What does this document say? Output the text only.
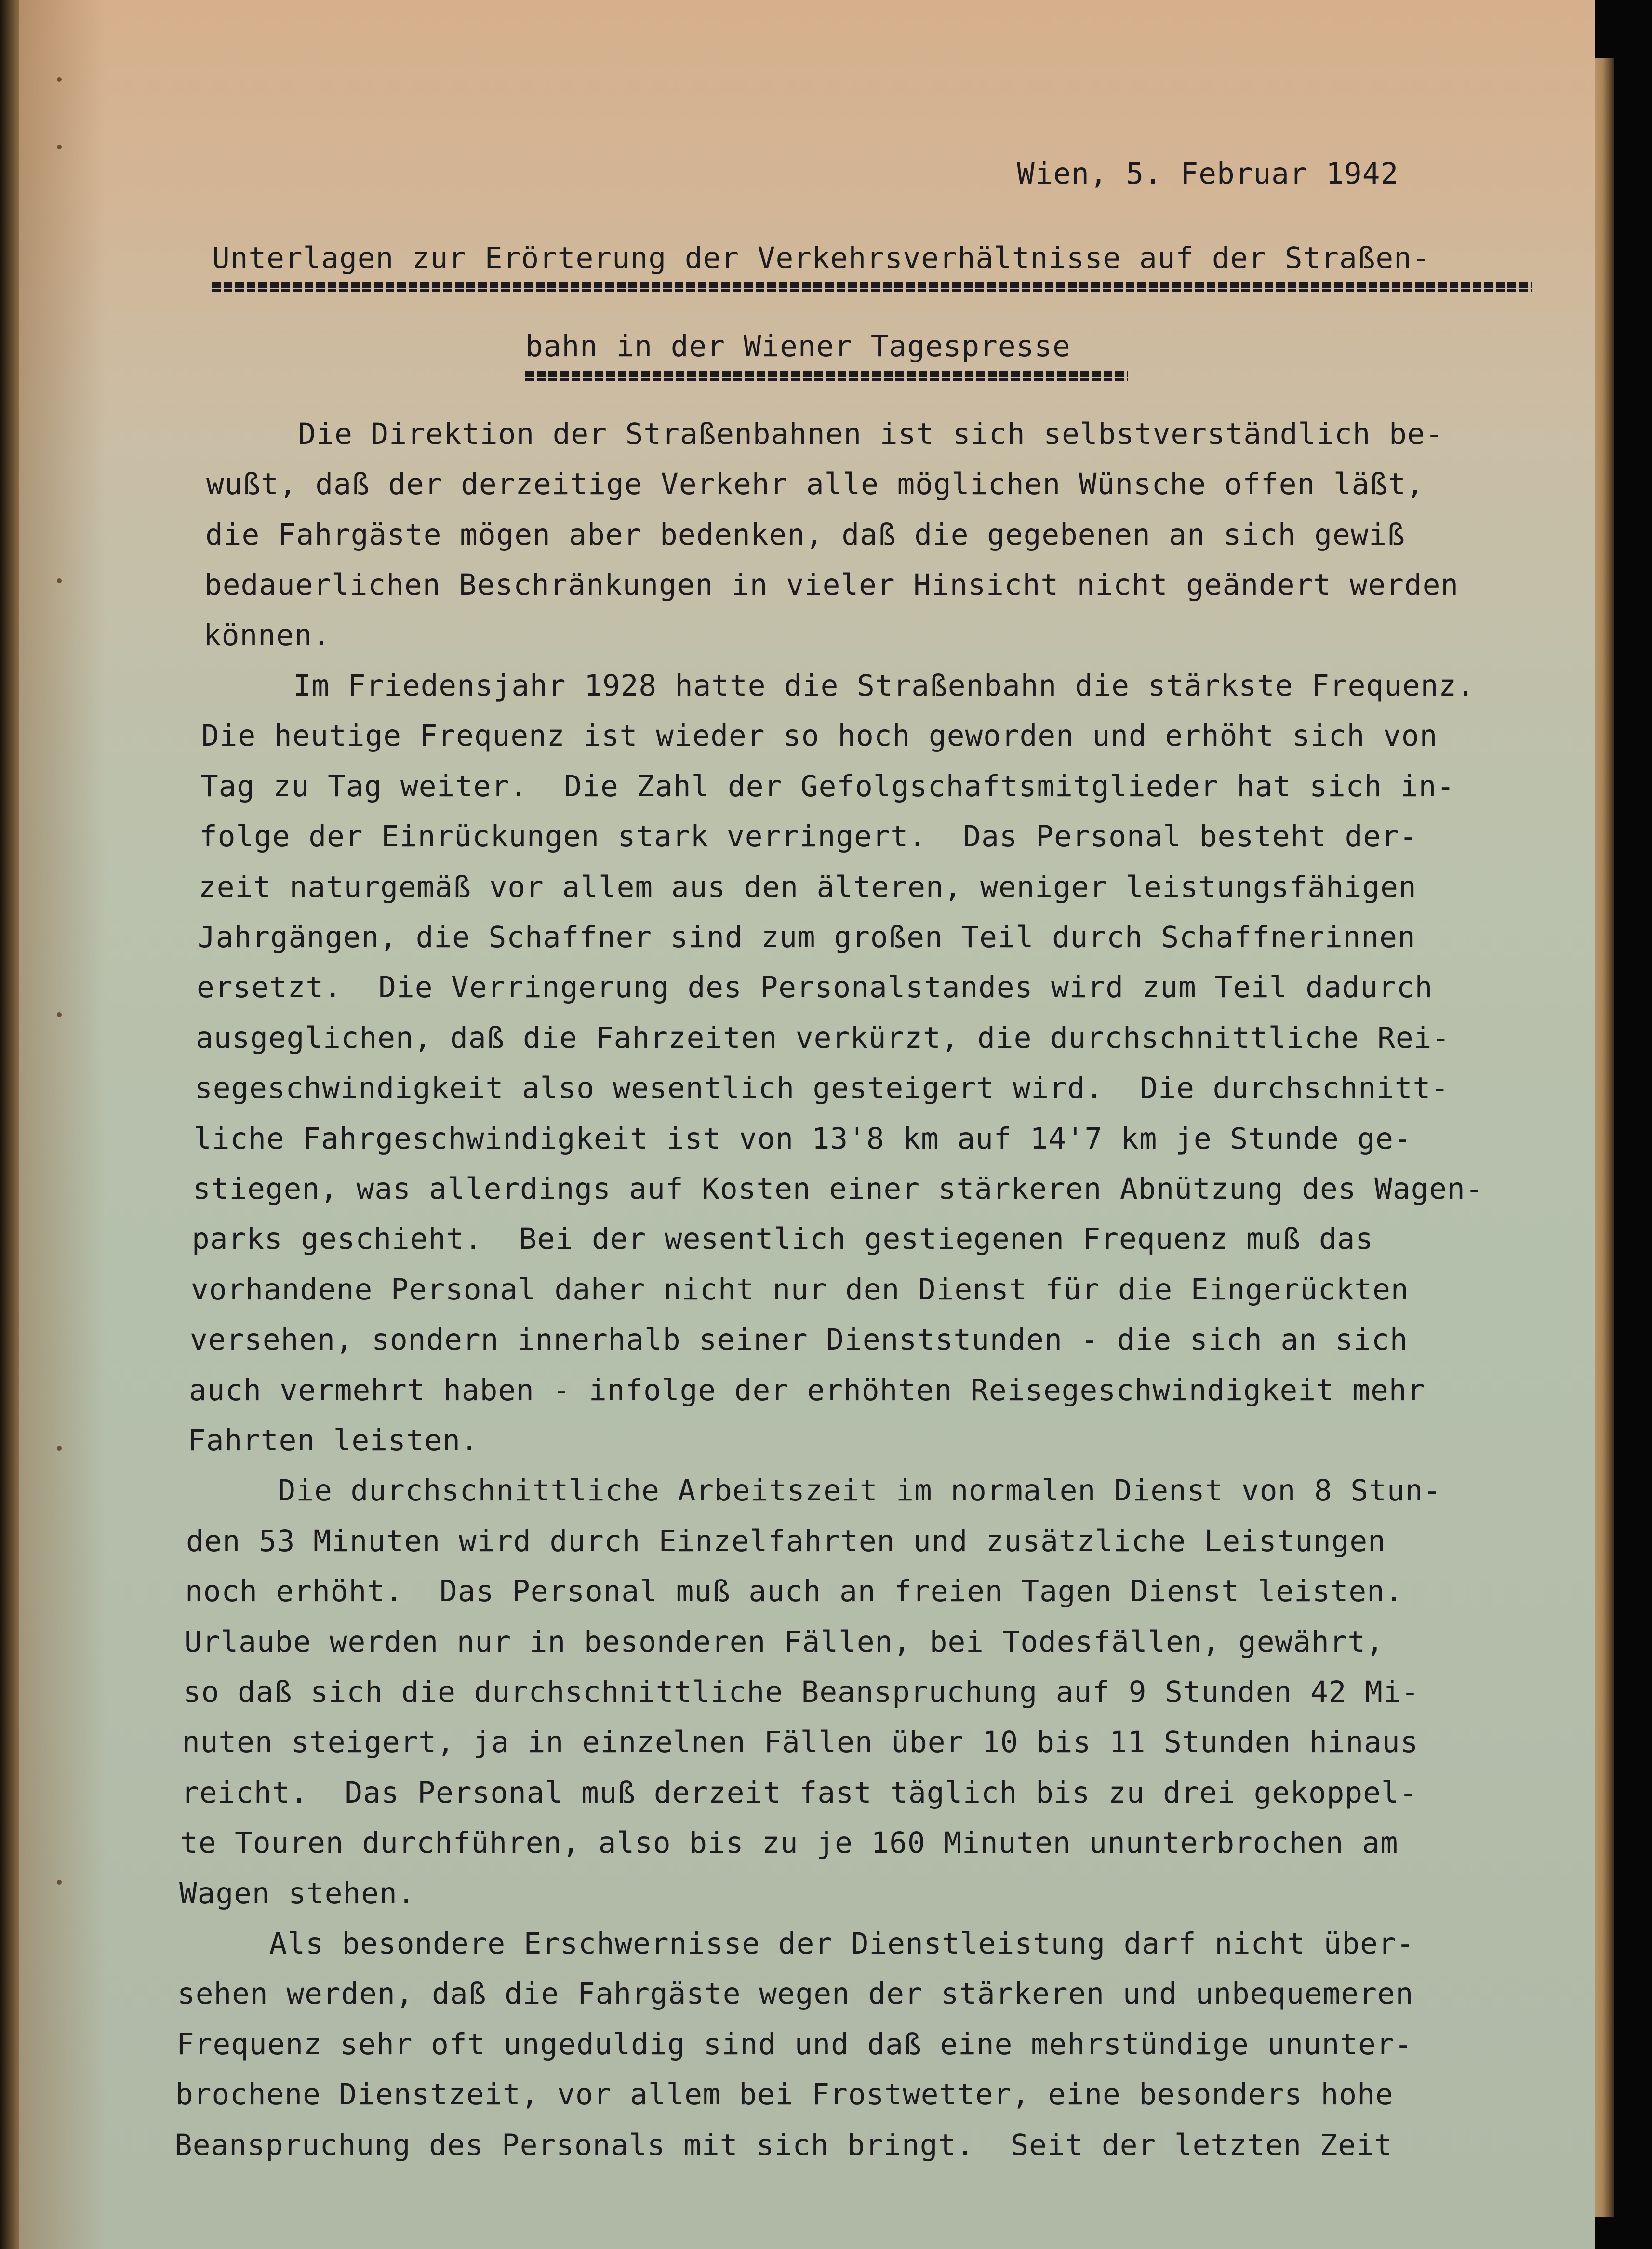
Wien, 5. Februar 1942
Unterlagen zur Erörterung der Verkehrsverhältnisse auf der Straßen-
bahn in der Wiener Tagespresse
Die Direktion der Straßenbahnen ist sich selbstverständlich be-
wußt, daß der derzeitige Verkehr alle möglichen Wünsche offen läßt,
die Fahrgäste mögen aber bedenken, daß die gegebenen an sich gewiß
bedauerlichen Beschränkungen in vieler Hinsicht nicht geändert werden
können.
Im Friedensjahr 1928 hatte die Straßenbahn die stärkste Frequenz.
Die heutige Frequenz ist wieder so hoch geworden und erhöht sich von
Tag zu Tag weiter.  Die Zahl der Gefolgschaftsmitglieder hat sich in-
folge der Einrückungen stark verringert.  Das Personal besteht der-
zeit naturgemäß vor allem aus den älteren, weniger leistungsfähigen
Jahrgängen, die Schaffner sind zum großen Teil durch Schaffnerinnen
ersetzt.  Die Verringerung des Personalstandes wird zum Teil dadurch
ausgeglichen, daß die Fahrzeiten verkürzt, die durchschnittliche Rei-
segeschwindigkeit also wesentlich gesteigert wird.  Die durchschnitt-
liche Fahrgeschwindigkeit ist von 13'8 km auf 14'7 km je Stunde ge-
stiegen, was allerdings auf Kosten einer stärkeren Abnützung des Wagen-
parks geschieht.  Bei der wesentlich gestiegenen Frequenz muß das
vorhandene Personal daher nicht nur den Dienst für die Eingerückten
versehen, sondern innerhalb seiner Dienststunden - die sich an sich
auch vermehrt haben - infolge der erhöhten Reisegeschwindigkeit mehr
Fahrten leisten.
Die durchschnittliche Arbeitszeit im normalen Dienst von 8 Stun-
den 53 Minuten wird durch Einzelfahrten und zusätzliche Leistungen
noch erhöht.  Das Personal muß auch an freien Tagen Dienst leisten.
Urlaube werden nur in besonderen Fällen, bei Todesfällen, gewährt,
so daß sich die durchschnittliche Beanspruchung auf 9 Stunden 42 Mi-
nuten steigert, ja in einzelnen Fällen über 10 bis 11 Stunden hinaus
reicht.  Das Personal muß derzeit fast täglich bis zu drei gekoppel-
te Touren durchführen, also bis zu je 160 Minuten ununterbrochen am
Wagen stehen.
Als besondere Erschwernisse der Dienstleistung darf nicht über-
sehen werden, daß die Fahrgäste wegen der stärkeren und unbequemeren
Frequenz sehr oft ungeduldig sind und daß eine mehrstündige ununter-
brochene Dienstzeit, vor allem bei Frostwetter, eine besonders hohe
Beanspruchung des Personals mit sich bringt.  Seit der letzten Zeit
